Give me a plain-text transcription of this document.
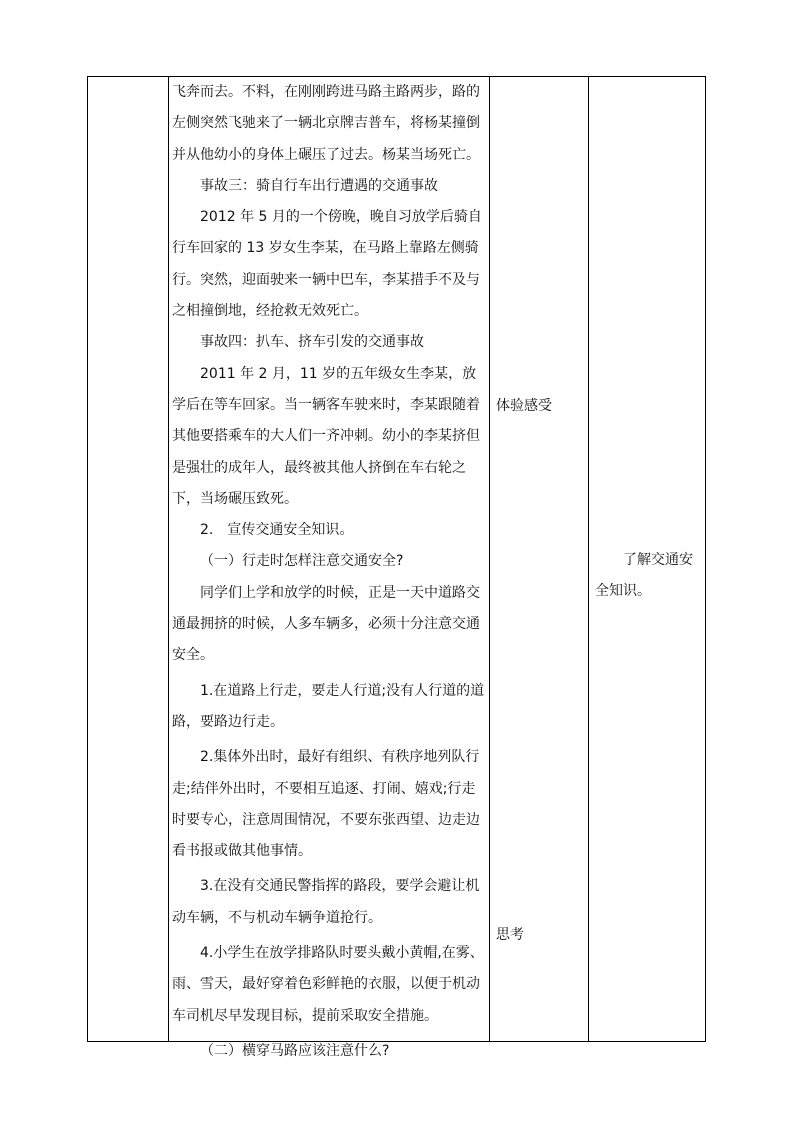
飞奔而去。不料，在刚刚跨进马路主路两步，路的左侧突然飞驰来了一辆北京牌吉普车，将杨某撞倒并从他幼小的身体上碾压了过去。杨某当场死亡。

事故三：骑自行车出行遭遇的交通事故

2012 年 5 月的一个傍晚，晚自习放学后骑自行车回家的 13 岁女生李某，在马路上靠路左侧骑行。突然，迎面驶来一辆中巴车，李某措手不及与之相撞倒地，经抢救无效死亡。

事故四：扒车、挤车引发的交通事故

2011 年 2 月，11 岁的五年级女生李某，放学后在等车回家。当一辆客车驶来时，李某跟随着其他要搭乘车的大人们一齐冲刺。幼小的李某挤但是强壮的成年人，最终被其他人挤倒在车右轮之下，当场碾压致死。

2.　宣传交通安全知识。

（一）行走时怎样注意交通安全?

同学们上学和放学的时候，正是一天中道路交通最拥挤的时候，人多车辆多，必须十分注意交通安全。

1.在道路上行走，要走人行道;没有人行道的道路，要路边行走。

2.集体外出时，最好有组织、有秩序地列队行走;结伴外出时，不要相互追逐、打闹、嬉戏;行走时要专心，注意周围情况，不要东张西望、边走边看书报或做其他事情。

3.在没有交通民警指挥的路段，要学会避让机动车辆，不与机动车辆争道抢行。

4.小学生在放学排路队时要头戴小黄帽,在雾、雨、雪天，最好穿着色彩鲜艳的衣服，以便于机动车司机尽早发现目标，提前采取安全措施。

（二）横穿马路应该注意什么?

体验感受
思考
了解交通安全知识。
